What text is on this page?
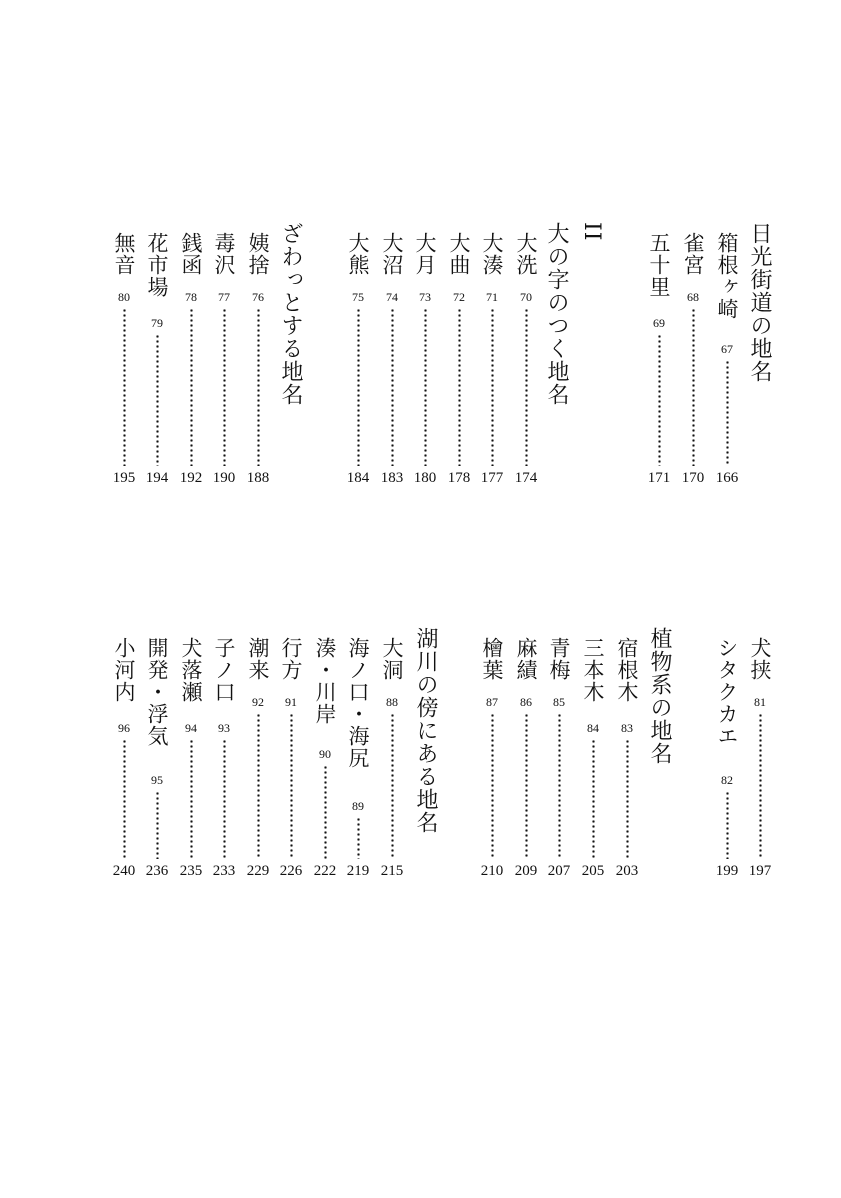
日光街道の地名
箱根ヶ崎
67
166
雀宮
68
170
五十里
69
171
II
大の字のつく地名
大洗
70
174
大湊
71
177
大曲
72
178
大月
73
180
大沼
74
183
大熊
75
184
ざわっとする地名
姨捨
76
188
毒沢
77
190
銭函
78
192
花市場
79
194
無音
80
195
犬挟
81
197
シタクカエ
82
199
植物系の地名
宿根木
83
203
三本木
84
205
青梅
85
207
麻績
86
209
檜葉
87
210
湖川の傍にある地名
大洞
88
215
海ノ口・海尻
89
219
湊・川岸
90
222
行方
91
226
潮来
92
229
子ノ口
93
233
犬落瀬
94
235
開発・浮気
95
236
小河内
96
240
